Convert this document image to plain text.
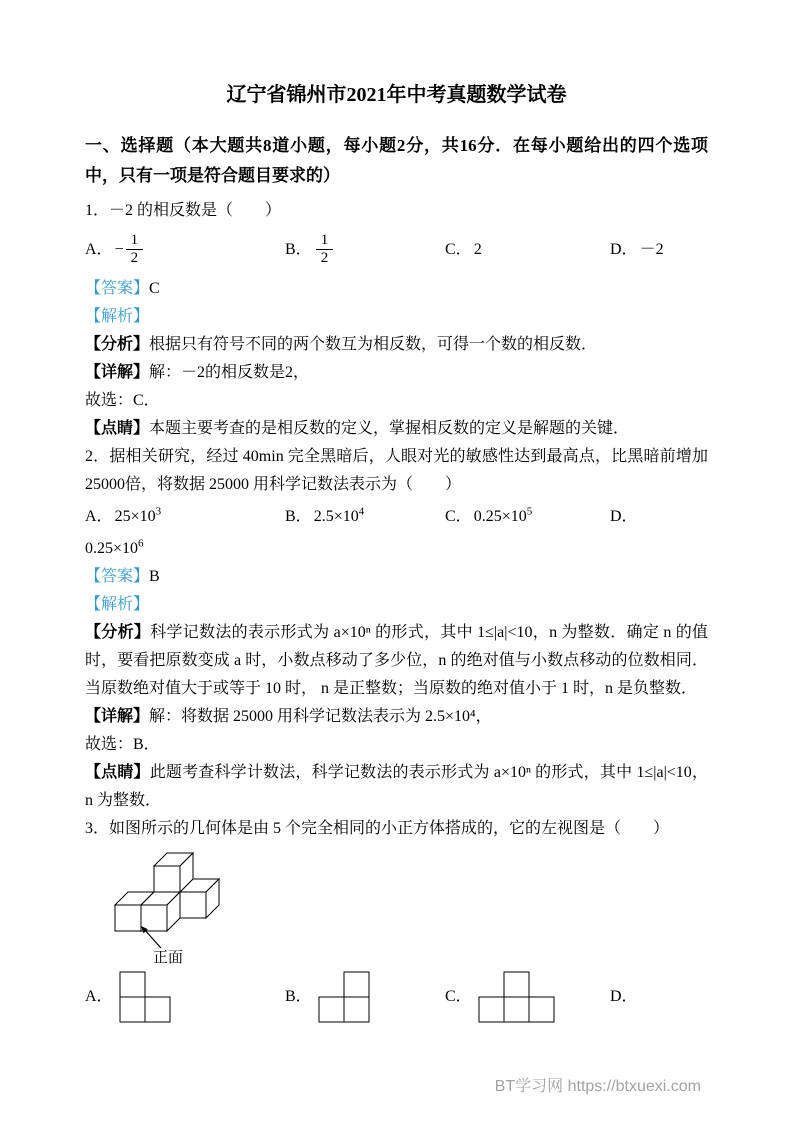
辽宁省锦州市2021年中考真题数学试卷

一、选择题（本大题共8道小题，每小题2分，共16分．在每小题给出的四个选项中，只有一项是符合题目要求的）

1．－2 的相反数是（　　）

A． − $\frac{1}{2}$	B． $\frac{1}{2}$	C． 2	D． －2

【答案】C

【解析】

【分析】根据只有符号不同的两个数互为相反数，可得一个数的相反数．

【详解】解：－2的相反数是2，

故选：C．

【点睛】本题主要考查的是相反数的定义，掌握相反数的定义是解题的关键．

2．据相关研究，经过 40min 完全黑暗后，人眼对光的敏感性达到最高点，比黑暗前增加25000倍，将数据 25000 用科学记数法表示为（　　）

A． $25\times 10^3$	B． $2.5\times 10^4$	C． $0.25\times 10^5$	D．

$0.25\times 10^6$

【答案】B

【解析】

【分析】科学记数法的表示形式为 a×10ⁿ 的形式，其中 1≤|a|<10，n 为整数．确定 n 的值时，要看把原数变成 a 时，小数点移动了多少位，n 的绝对值与小数点移动的位数相同．当原数绝对值大于或等于 10 时， n 是正整数；当原数的绝对值小于 1 时，n 是负整数．

【详解】解：将数据 25000 用科学记数法表示为 2.5×10⁴，

故选：B．

【点睛】此题考查科学计数法，科学记数法的表示形式为 a×10ⁿ 的形式，其中 1≤|a|<10，n 为整数．

3．如图所示的几何体是由 5 个完全相同的小正方体搭成的，它的左视图是（　　）

正面
A．	B．	C．	D．
BT学习网 https://btxuexi.com
